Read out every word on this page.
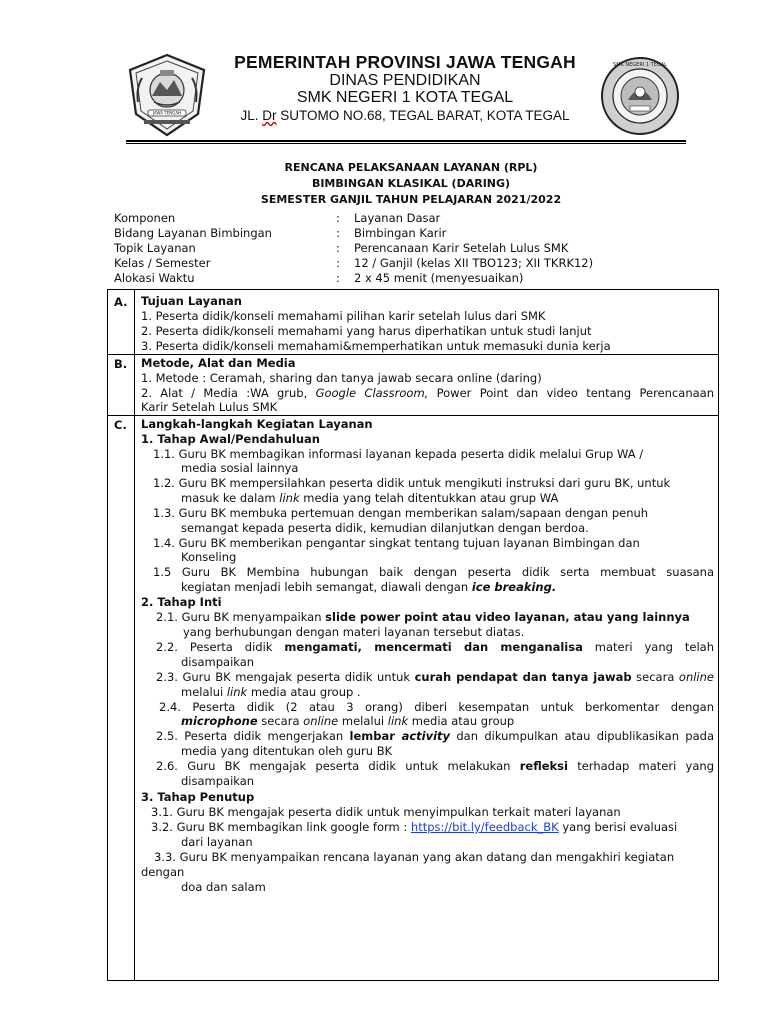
JAWA TENGAH
SMK NEGERI 1 TEGAL
PEMERINTAH PROVINSI JAWA TENGAH
DINAS PENDIDIKAN
SMK NEGERI 1 KOTA TEGAL
JL. Dr SUTOMO NO.68, TEGAL BARAT, KOTA TEGAL
RENCANA PELAKSANAAN LAYANAN (RPL)
BIMBINGAN KLASIKAL (DARING)
SEMESTER GANJIL TAHUN PELAJARAN 2021/2022
Komponen	: Layanan Dasar
Bidang Layanan Bimbingan	: Bimbingan Karir
Topik Layanan	: Perencanaan Karir Setelah Lulus SMK
Kelas / Semester	: 12 / Ganjil (kelas XII TBO123; XII TKRK12)
Alokasi Waktu	: 2 x 45 menit (menyesuaikan)
A. Tujuan Layanan
1. Peserta didik/konseli memahami pilihan karir setelah lulus dari SMK
2. Peserta didik/konseli memahami yang harus diperhatikan untuk studi lanjut
3. Peserta didik/konseli memahami&memperhatikan untuk memasuki dunia kerja
B. Metode, Alat dan Media
1. Metode : Ceramah, sharing dan tanya jawab secara online (daring)
2. Alat / Media :WA grub, Google Classroom, Power Point dan video tentang Perencanaan
Karir Setelah Lulus SMK
C. Langkah-langkah Kegiatan Layanan
1. Tahap Awal/Pendahuluan
1.1. Guru BK membagikan informasi layanan kepada peserta didik melalui Grup WA /
media sosial lainnya
1.2. Guru BK mempersilahkan peserta didik untuk mengikuti instruksi dari guru BK, untuk
masuk ke dalam link media yang telah ditentukkan atau grup WA
1.3. Guru BK membuka pertemuan dengan memberikan salam/sapaan dengan penuh
semangat kepada peserta didik, kemudian dilanjutkan dengan berdoa.
1.4. Guru BK memberikan pengantar singkat tentang tujuan layanan Bimbingan dan
Konseling
1.5 Guru BK Membina hubungan baik dengan peserta didik serta membuat suasana
kegiatan menjadi lebih semangat, diawali dengan ice breaking.
2. Tahap Inti
2.1. Guru BK menyampaikan slide power point atau video layanan, atau yang lainnya
yang berhubungan dengan materi layanan tersebut diatas.
2.2. Peserta didik mengamati, mencermati dan menganalisa materi yang telah
disampaikan
2.3. Guru BK mengajak peserta didik untuk curah pendapat dan tanya jawab secara online
melalui link media atau group .
2.4. Peserta didik (2 atau 3 orang) diberi kesempatan untuk berkomentar dengan
microphone secara online melalui link media atau group
2.5. Peserta didik mengerjakan lembar activity dan dikumpulkan atau dipublikasikan pada
media yang ditentukan oleh guru BK
2.6. Guru BK mengajak peserta didik untuk melakukan refleksi terhadap materi yang
disampaikan
3. Tahap Penutup
3.1. Guru BK mengajak peserta didik untuk menyimpulkan terkait materi layanan
3.2. Guru BK membagikan link google form : https://bit.ly/feedback_BK yang berisi evaluasi
dari layanan
3.3. Guru BK menyampaikan rencana layanan yang akan datang dan mengakhiri kegiatan
dengan
doa dan salam
